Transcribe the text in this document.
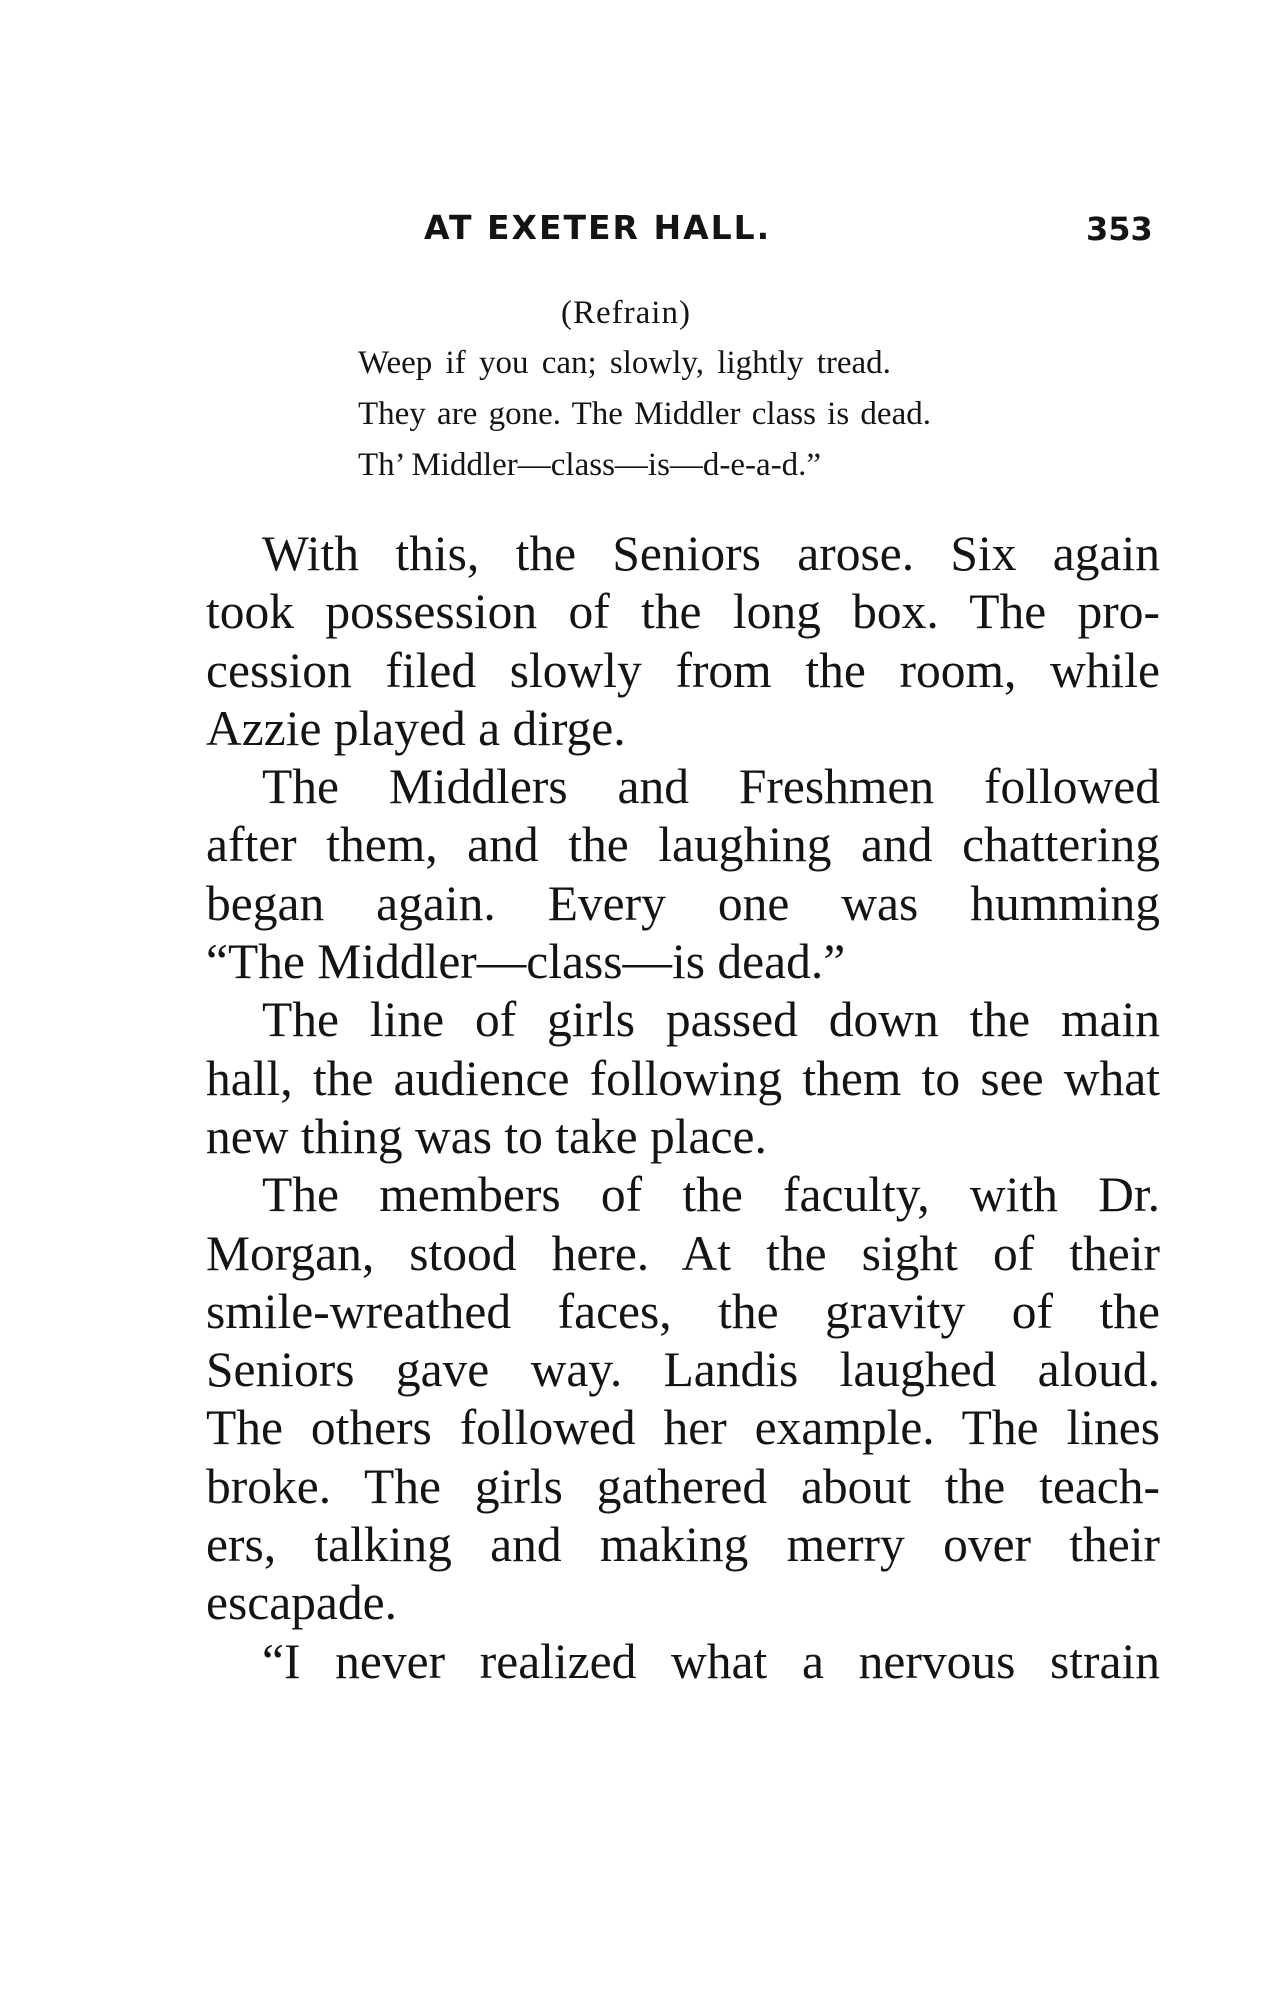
AT EXETER HALL.	353
(Refrain)
Weep if you can; slowly, lightly tread.
They are gone. The Middler class is dead.
Th’ Middler—class—is—d-e-a-d.”
With this, the Seniors arose. Six again
took possession of the long box. The pro-
cession filed slowly from the room, while
Azzie played a dirge.
The Middlers and Freshmen followed
after them, and the laughing and chattering
began again. Every one was humming
“The Middler—class—is dead.”
The line of girls passed down the main
hall, the audience following them to see what
new thing was to take place.
The members of the faculty, with Dr.
Morgan, stood here. At the sight of their
smile-wreathed faces, the gravity of the
Seniors gave way. Landis laughed aloud.
The others followed her example. The lines
broke. The girls gathered about the teach-
ers, talking and making merry over their
escapade.
“I never realized what a nervous strain
